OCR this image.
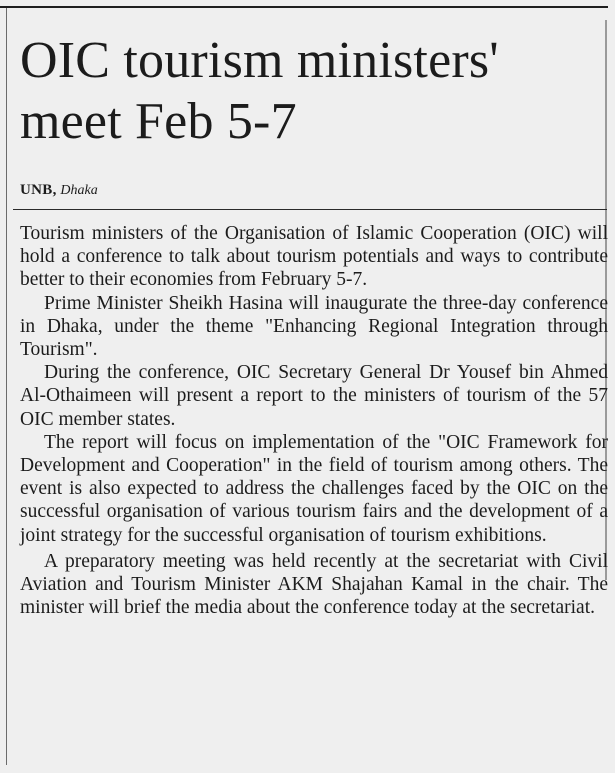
OIC tourism ministers' meet Feb 5-7
UNB, Dhaka

Tourism ministers of the Organisation of Islamic Cooperation (OIC) will hold a conference to talk about tourism potentials and ways to contribute better to their economies from February 5-7.

Prime Minister Sheikh Hasina will inaugurate the three-day conference in Dhaka, under the theme "Enhancing Regional Integration through Tourism".

During the conference, OIC Secretary General Dr Yousef bin Ahmed Al-Othaimeen will present a report to the ministers of tourism of the 57 OIC member states.

The report will focus on implementation of the "OIC Framework for Development and Cooperation" in the field of tourism among others. The event is also expected to address the challenges faced by the OIC on the successful organisation of various tourism fairs and the development of a joint strategy for the successful organisation of tourism exhibitions.

A preparatory meeting was held recently at the secretariat with Civil Aviation and Tourism Minister AKM Shajahan Kamal in the chair. The minister will brief the media about the conference today at the secretariat.
